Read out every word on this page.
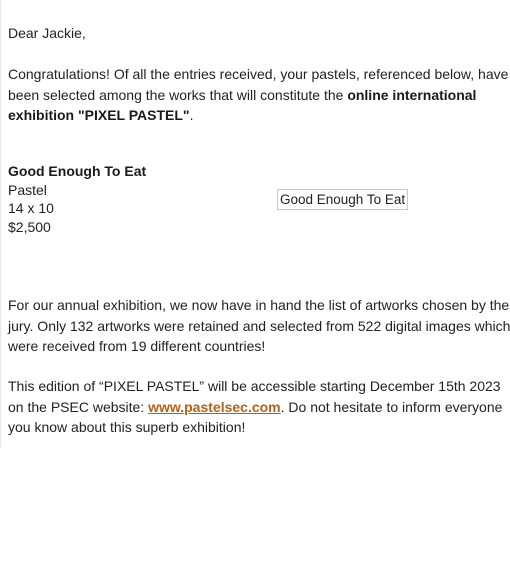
Dear Jackie,

Congratulations! Of all the entries received, your pastels, referenced below, have been selected among the works that will constitute the online international exhibition "PIXEL PASTEL".

Good Enough To Eat
Pastel
14 x 10
$2,500
Good Enough To Eat

For our annual exhibition, we now have in hand the list of artworks chosen by the jury. Only 132 artworks were retained and selected from 522 digital images which were received from 19 different countries!

This edition of “PIXEL PASTEL” will be accessible starting December 15th 2023 on the PSEC website: www.pastelsec.com. Do not hesitate to inform everyone you know about this superb exhibition!
